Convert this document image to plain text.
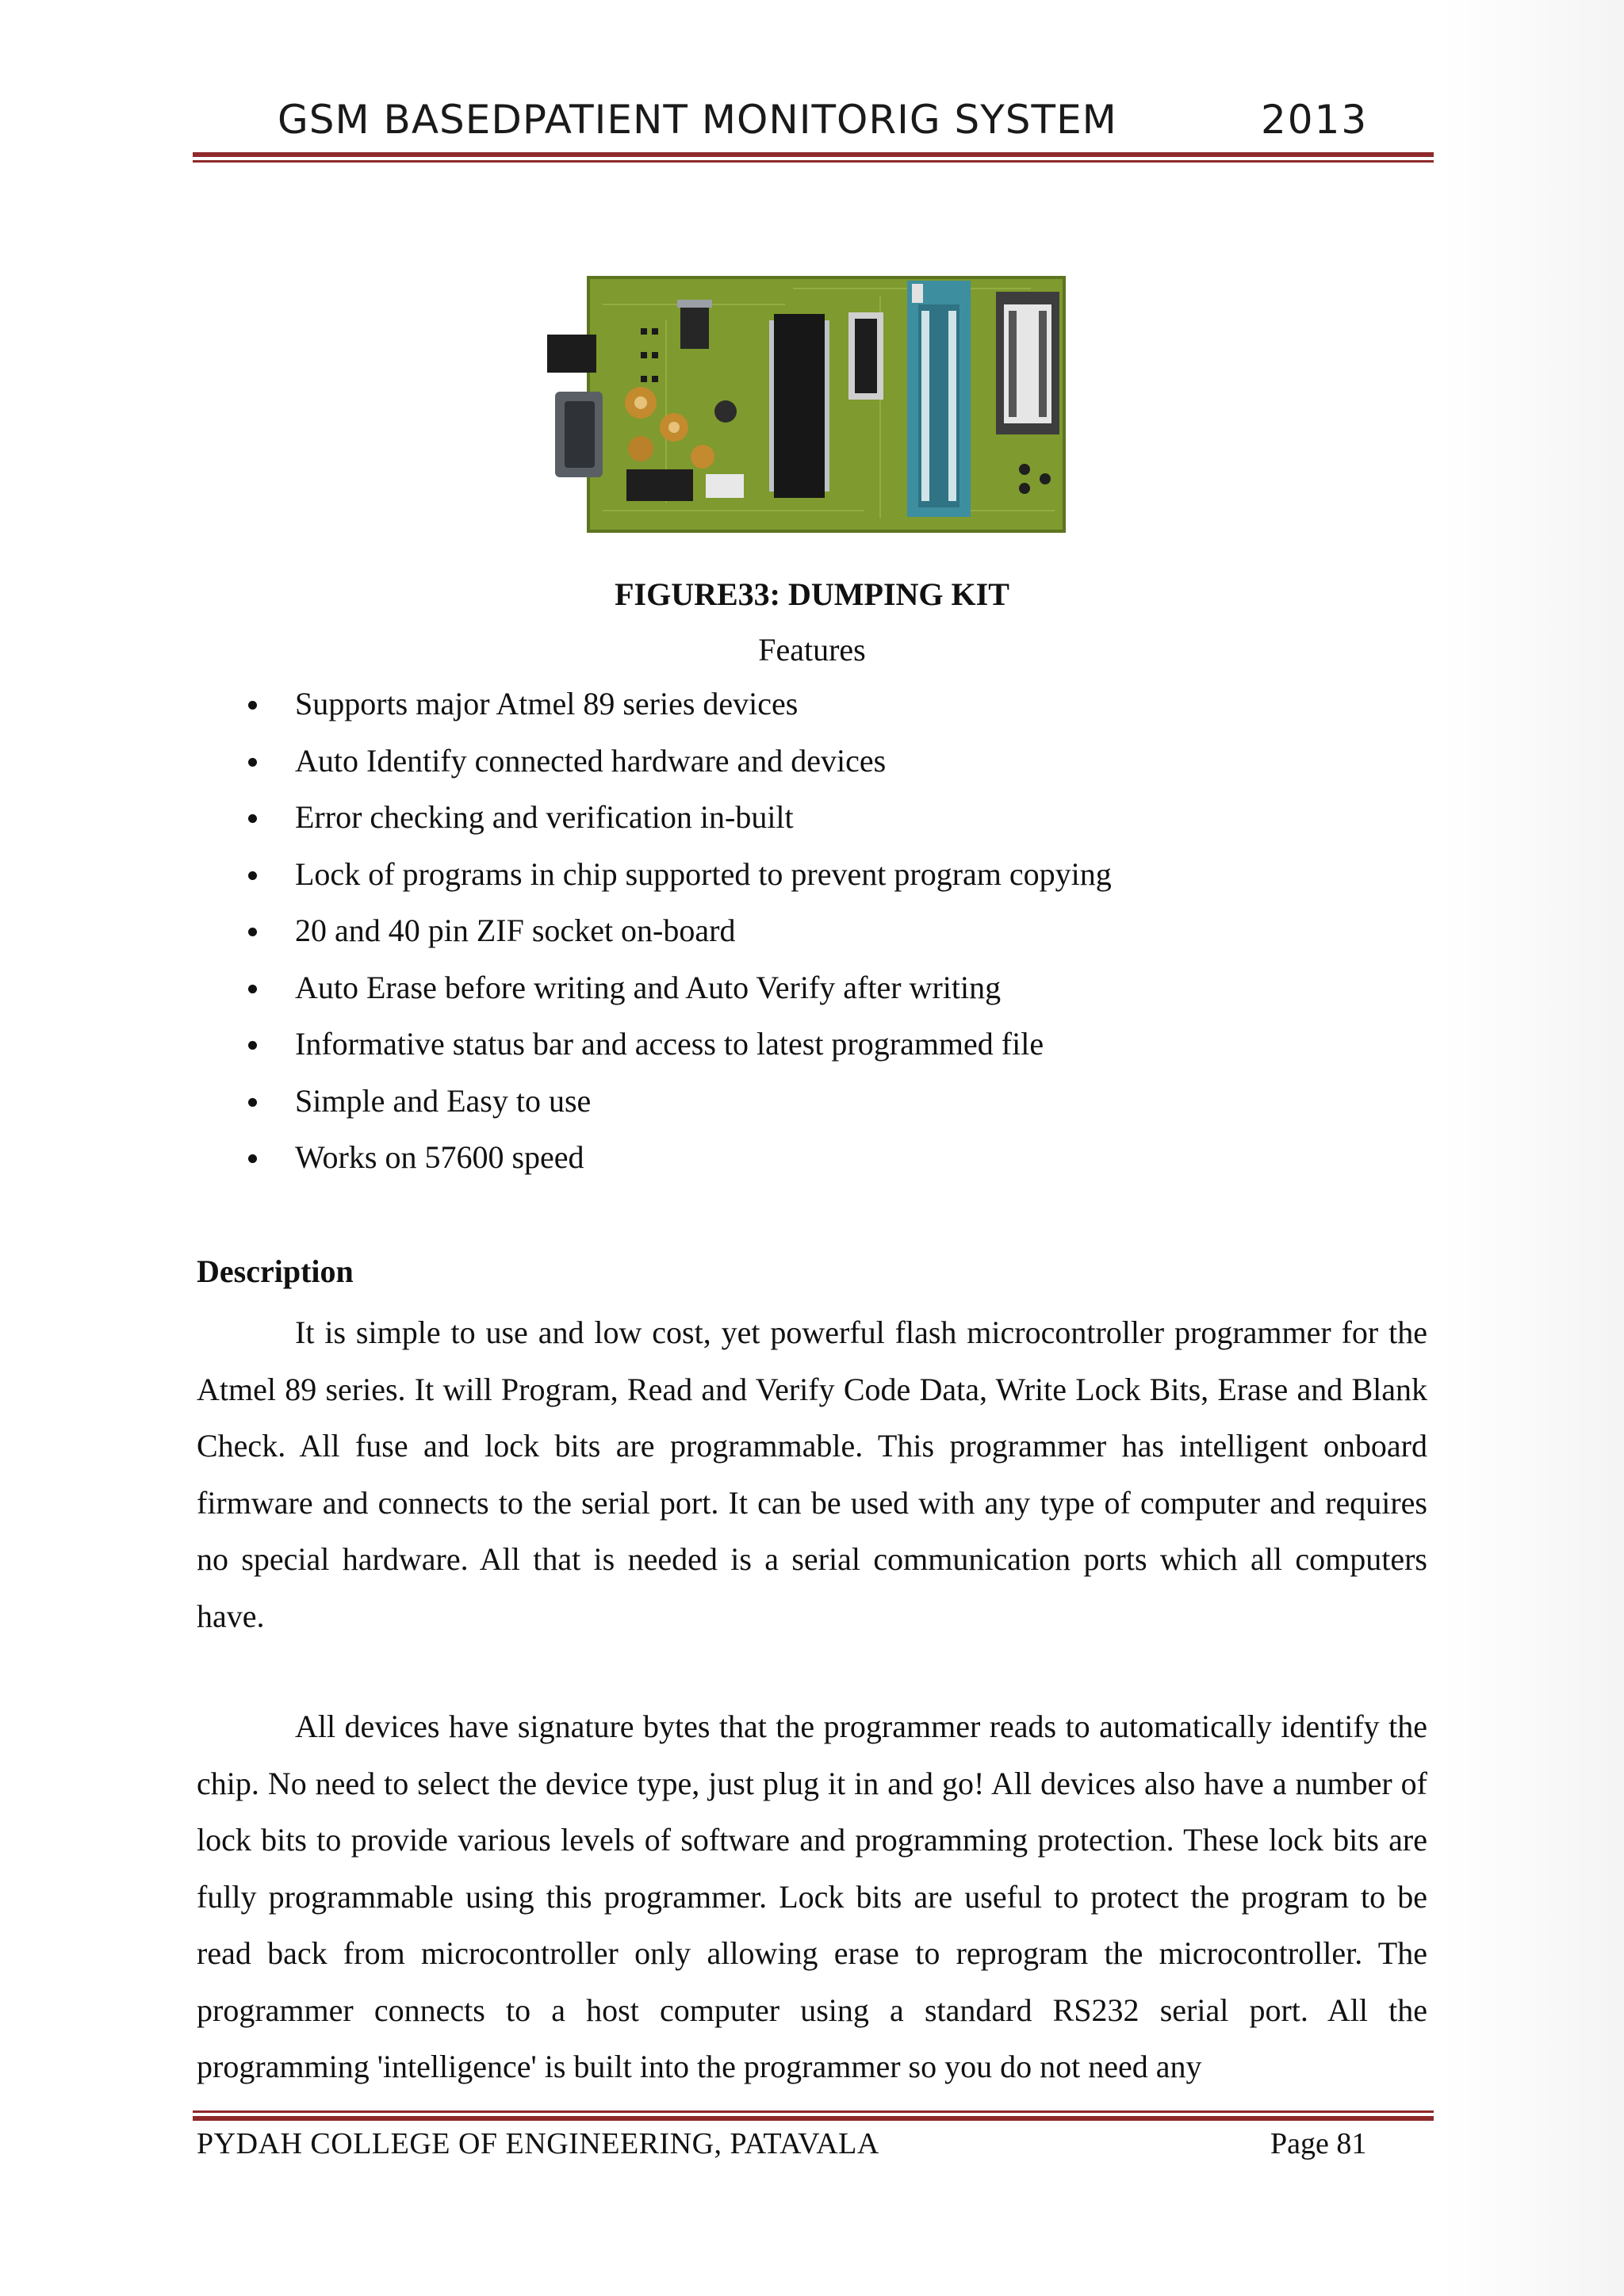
GSM BASEDPATIENT MONITORIG SYSTEM	2013
FIGURE33: DUMPING KIT
Features
Supports major Atmel 89 series devices
Auto Identify connected hardware and devices
Error checking and verification in-built
Lock of programs in chip supported to prevent program copying
20 and 40 pin ZIF socket on-board
Auto Erase before writing and Auto Verify after writing
Informative status bar and access to latest programmed file
Simple and Easy to use
Works on 57600 speed
Description

It is simple to use and low cost, yet powerful flash microcontroller programmer for the Atmel 89 series. It will Program, Read and Verify Code Data, Write Lock Bits, Erase and Blank Check. All fuse and lock bits are programmable. This programmer has intelligent onboard firmware and connects to the serial port. It can be used with any type of computer and requires no special hardware. All that is needed is a serial communication ports which all computers have.

All devices have signature bytes that the programmer reads to automatically identify the chip. No need to select the device type, just plug it in and go! All devices also have a number of lock bits to provide various levels of software and programming protection. These lock bits are fully programmable using this programmer. Lock bits are useful to protect the program to be read back from microcontroller only allowing erase to reprogram the microcontroller. The programmer connects to a host computer using a standard RS232 serial port. All the programming 'intelligence' is built into the programmer so you do not need any

PYDAH COLLEGE OF ENGINEERING, PATAVALA	Page 81
